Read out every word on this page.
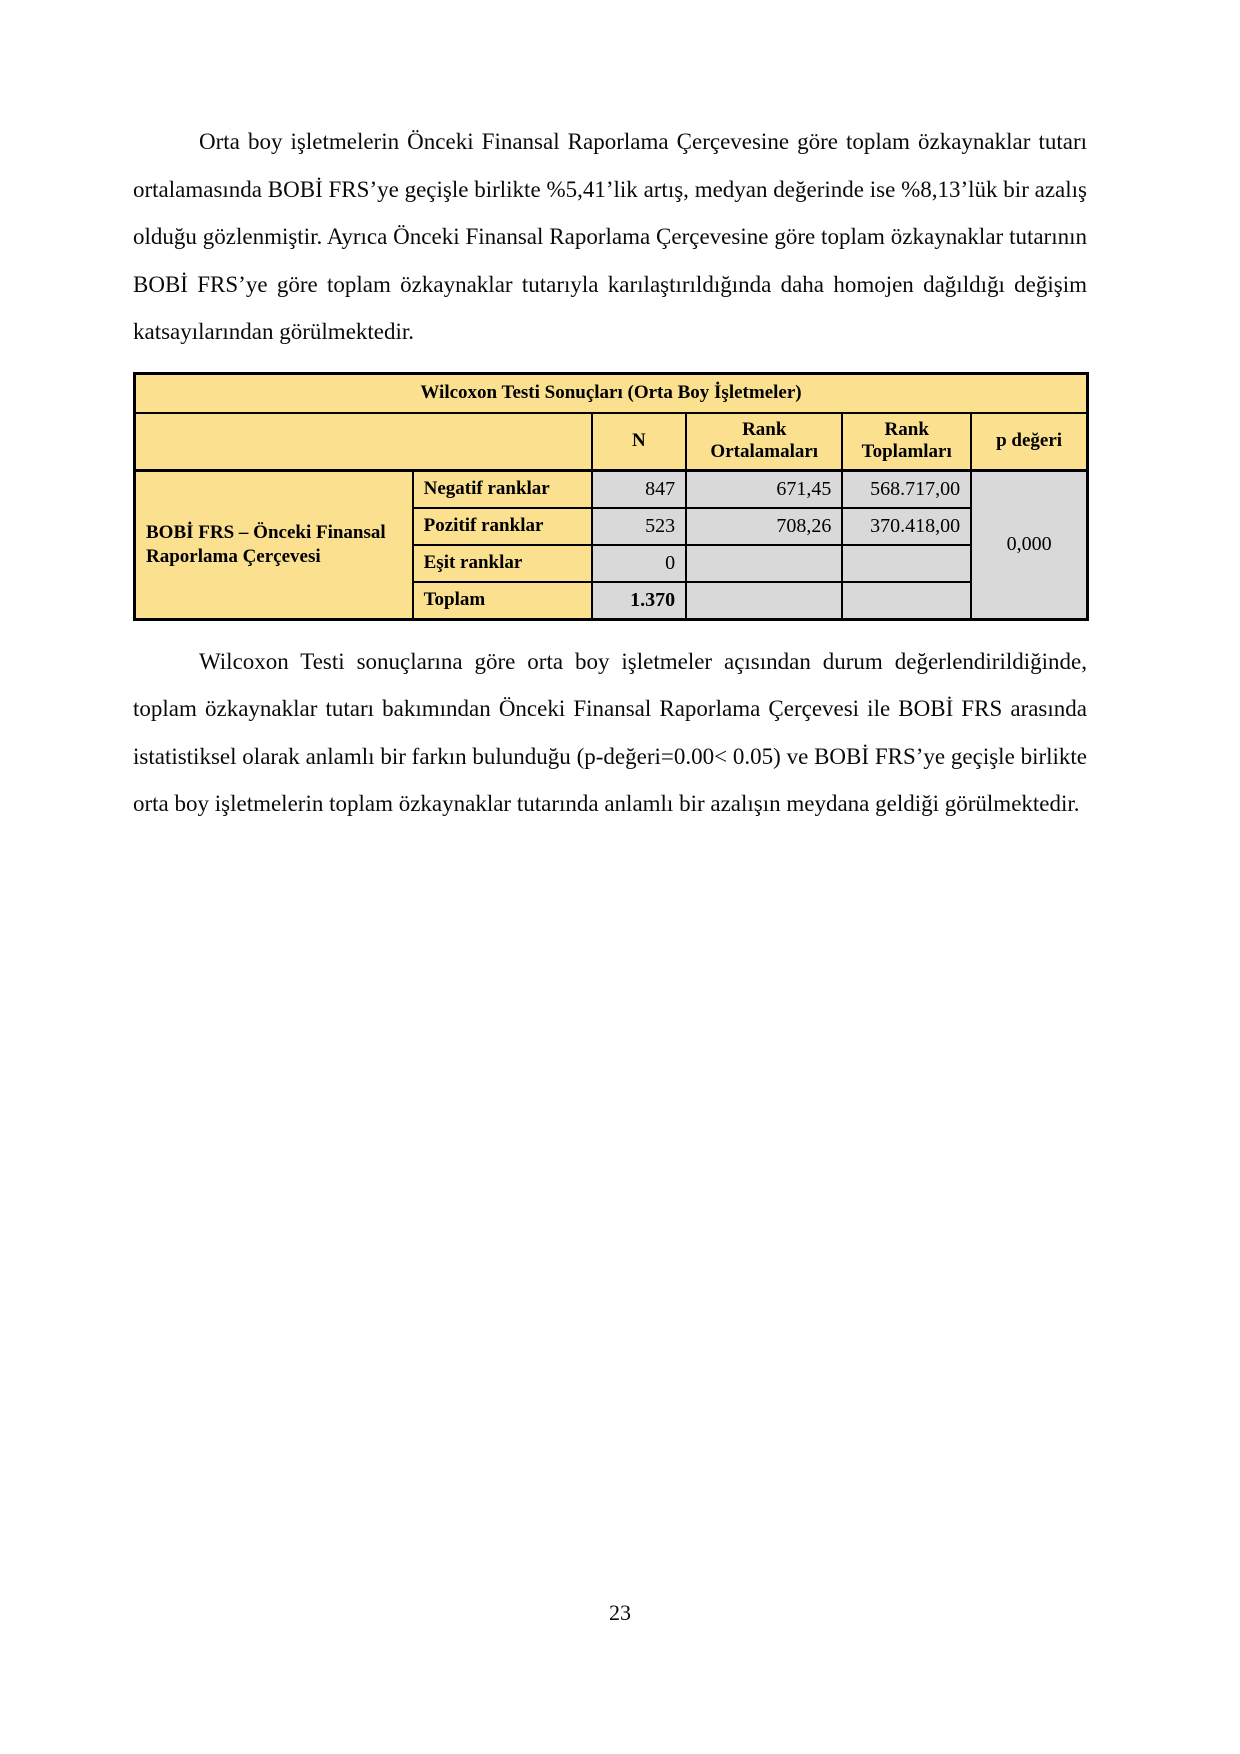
Orta boy işletmelerin Önceki Finansal Raporlama Çerçevesine göre toplam özkaynaklar tutarı ortalamasında BOBİ FRS’ye geçişle birlikte %5,41’lik artış, medyan değerinde ise %8,13’lük bir azalış olduğu gözlenmiştir. Ayrıca Önceki Finansal Raporlama Çerçevesine göre toplam özkaynaklar tutarının BOBİ FRS’ye göre toplam özkaynaklar tutarıyla karılaştırıldığında daha homojen dağıldığı değişim katsayılarından görülmektedir.

Wilcoxon Testi Sonuçları (Orta Boy İşletmeler)					
		N	Rank Ortalamaları	Rank Toplamları	p değeri
BOBİ FRS – Önceki Finansal Raporlama Çerçevesi	Negatif ranklar	847	671,45	568.717,00	0,000
	Pozitif ranklar	523	708,26	370.418,00	
	Eşit ranklar	0			
	Toplam	1.370			

Wilcoxon Testi sonuçlarına göre orta boy işletmeler açısından durum değerlendirildiğinde, toplam özkaynaklar tutarı bakımından Önceki Finansal Raporlama Çerçevesi ile BOBİ FRS arasında istatistiksel olarak anlamlı bir farkın bulunduğu (p-değeri=0.00< 0.05) ve BOBİ FRS’ye geçişle birlikte orta boy işletmelerin toplam özkaynaklar tutarında anlamlı bir azalışın meydana geldiği görülmektedir.

23
